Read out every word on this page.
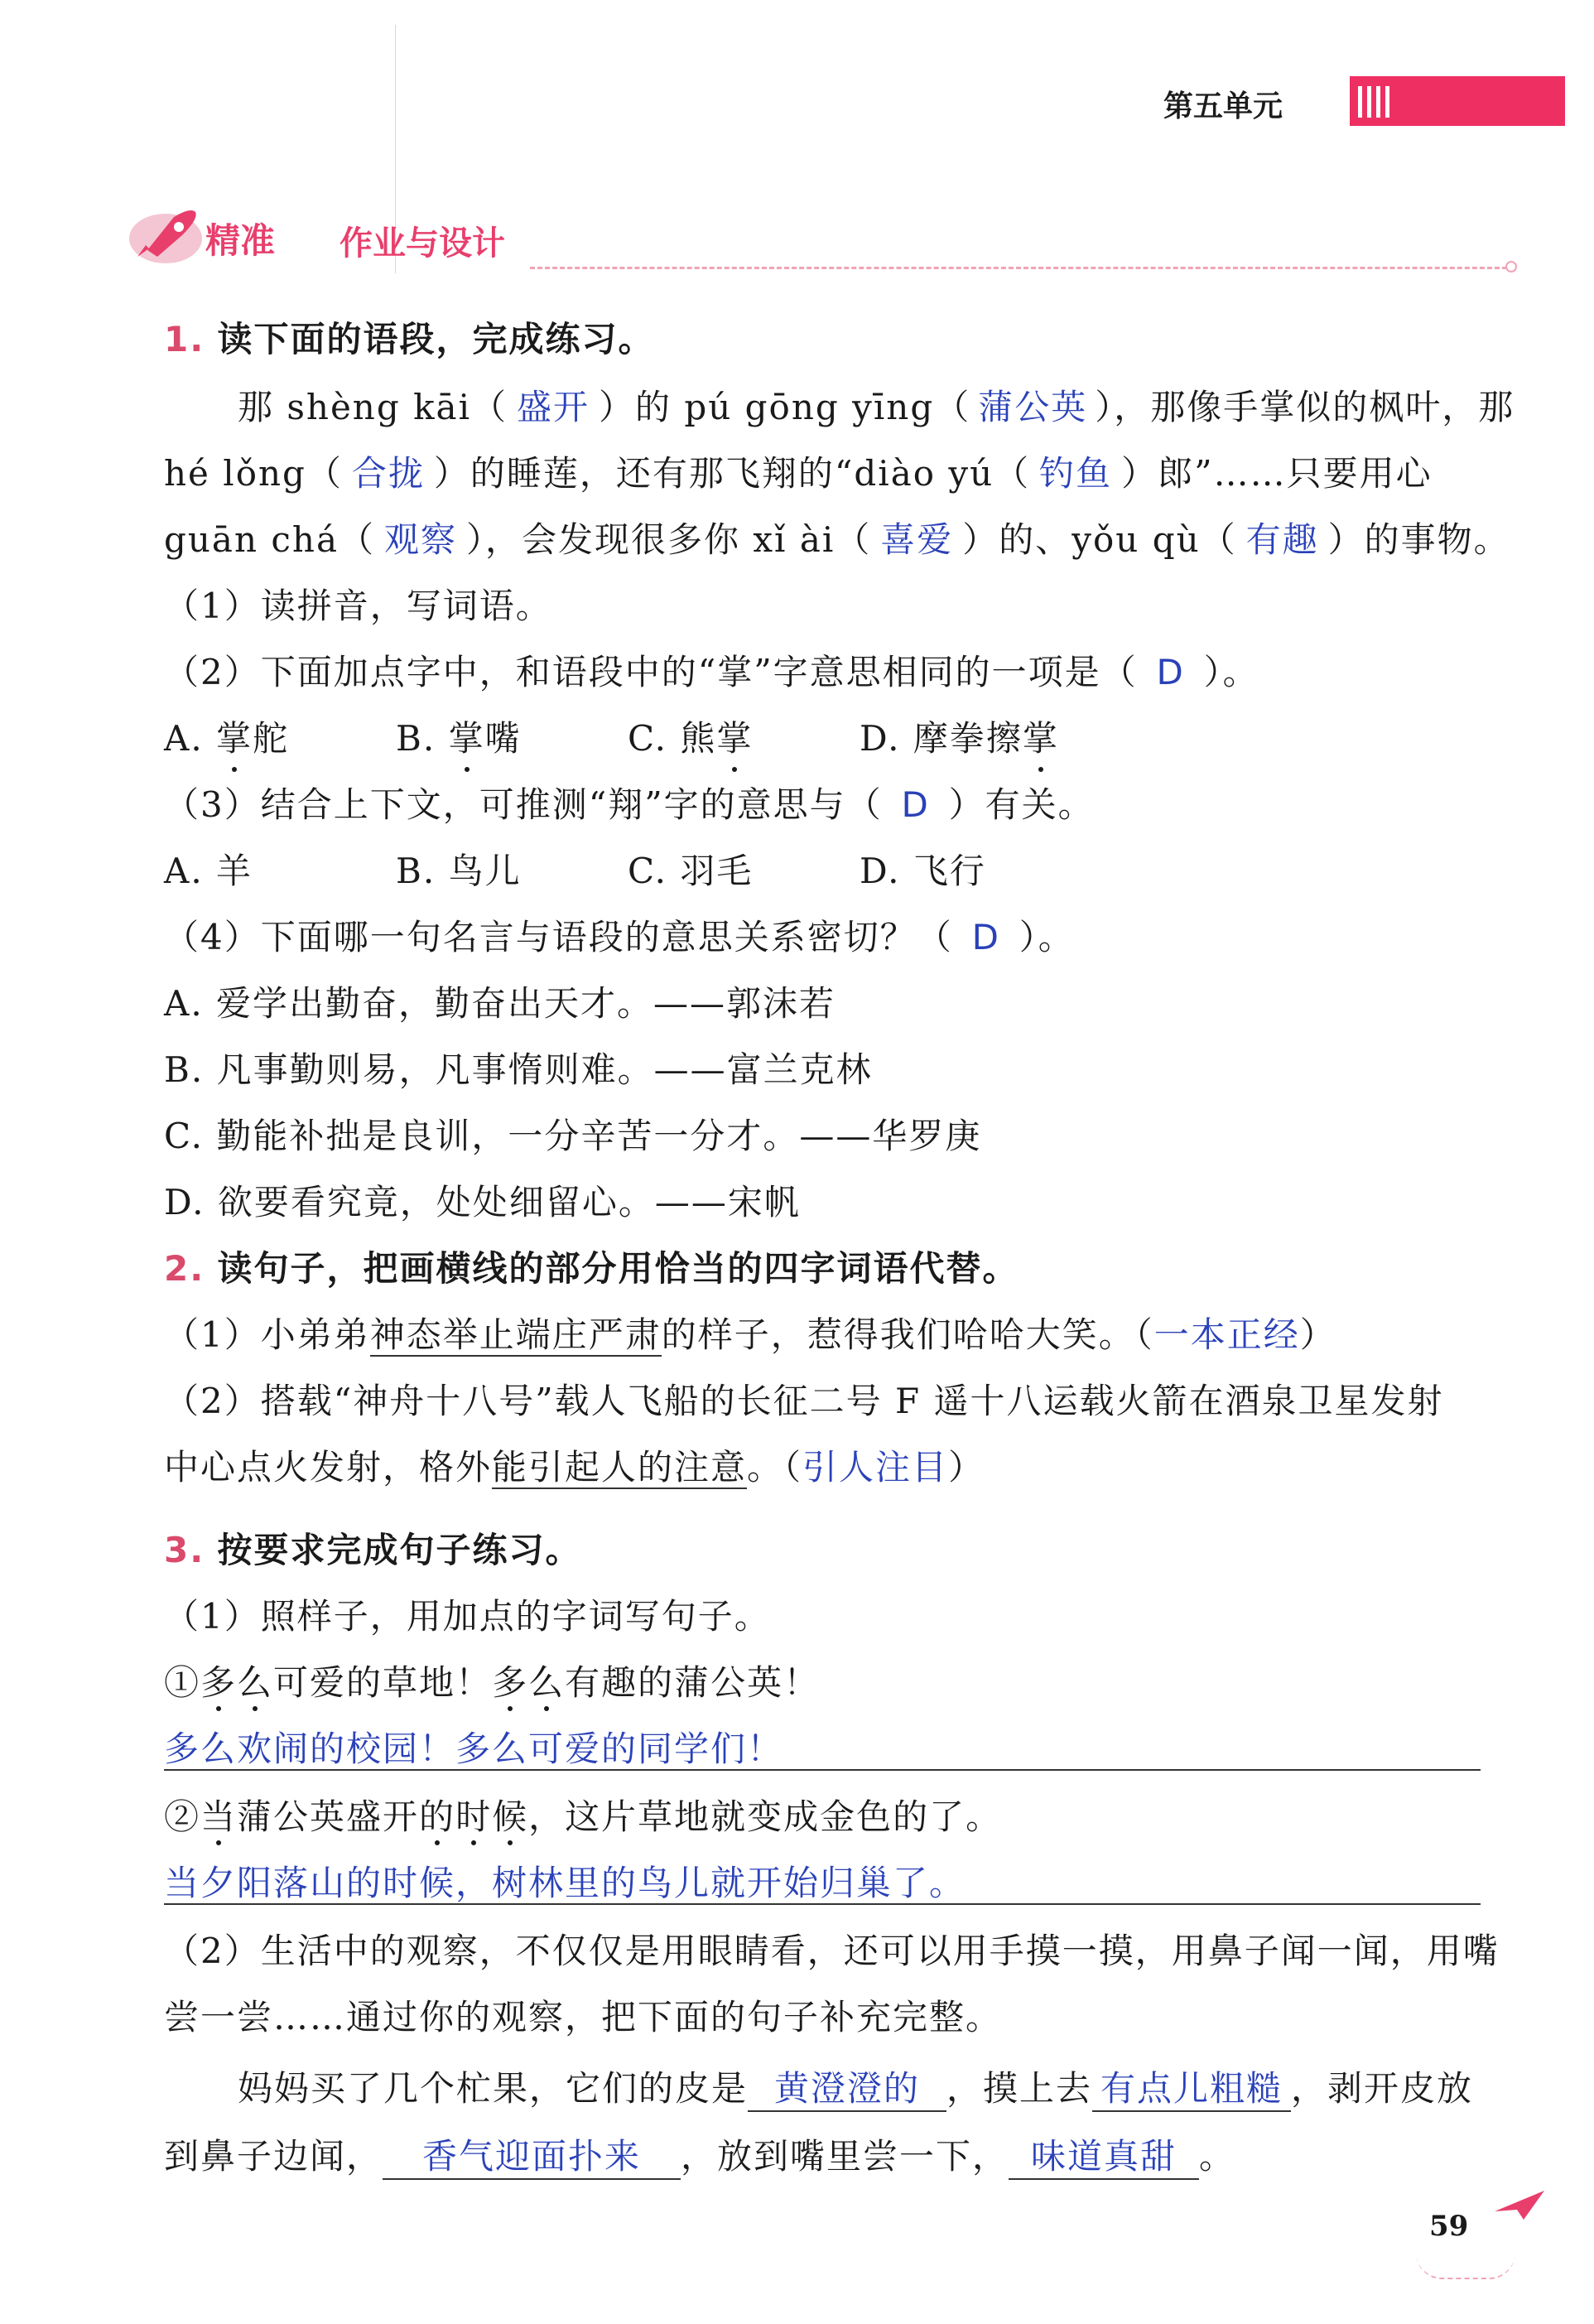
第五单元
精准 作业与设计
1. 读下面的语段，完成练习。
那 shèng kāi（ 盛开 ）的 pú gōng yīng（ 蒲公英 ），那像手掌似的枫叶，那
hé lǒng（ 合拢 ）的睡莲，还有那飞翔的“diào yú（ 钓鱼 ）郎”……只要用心
guān chá（ 观察 ），会发现很多你 xǐ ài（ 喜爱 ）的、yǒu qù（ 有趣 ）的事物。
（1）读拼音，写词语。
（2）下面加点字中，和语段中的“掌”字意思相同的一项是（ D ）。
A. 掌舵	B. 掌嘴	C. 熊掌	D. 摩拳擦掌
（3）结合上下文，可推测“翔”字的意思与（ D ）有关。
A. 羊	B. 鸟儿	C. 羽毛	D. 飞行
（4）下面哪一句名言与语段的意思关系密切？（ D ）。
A. 爱学出勤奋，勤奋出天才。——郭沫若
B. 凡事勤则易，凡事惰则难。——富兰克林
C. 勤能补拙是良训，一分辛苦一分才。——华罗庚
D. 欲要看究竟，处处细留心。——宋帆
2. 读句子，把画横线的部分用恰当的四字词语代替。
（1）小弟弟神态举止端庄严肃的样子，惹得我们哈哈大笑。（一本正经）
（2）搭载“神舟十八号”载人飞船的长征二号 F 遥十八运载火箭在酒泉卫星发射
中心点火发射，格外能引起人的注意。（引人注目）
3. 按要求完成句子练习。
（1）照样子，用加点的字词写句子。
①多么可爱的草地！多么有趣的蒲公英！
多么欢闹的校园！多么可爱的同学们！
②当蒲公英盛开的时候，这片草地就变成金色的了。
当夕阳落山的时候，树林里的鸟儿就开始归巢了。
（2）生活中的观察，不仅仅是用眼睛看，还可以用手摸一摸，用鼻子闻一闻，用嘴
尝一尝……通过你的观察，把下面的句子补充完整。
妈妈买了几个杧果，它们的皮是 黄澄澄的 ，摸上去 有点儿粗糙 ，剥开皮放
到鼻子边闻， 香气迎面扑来 ，放到嘴里尝一下， 味道真甜 。
59
